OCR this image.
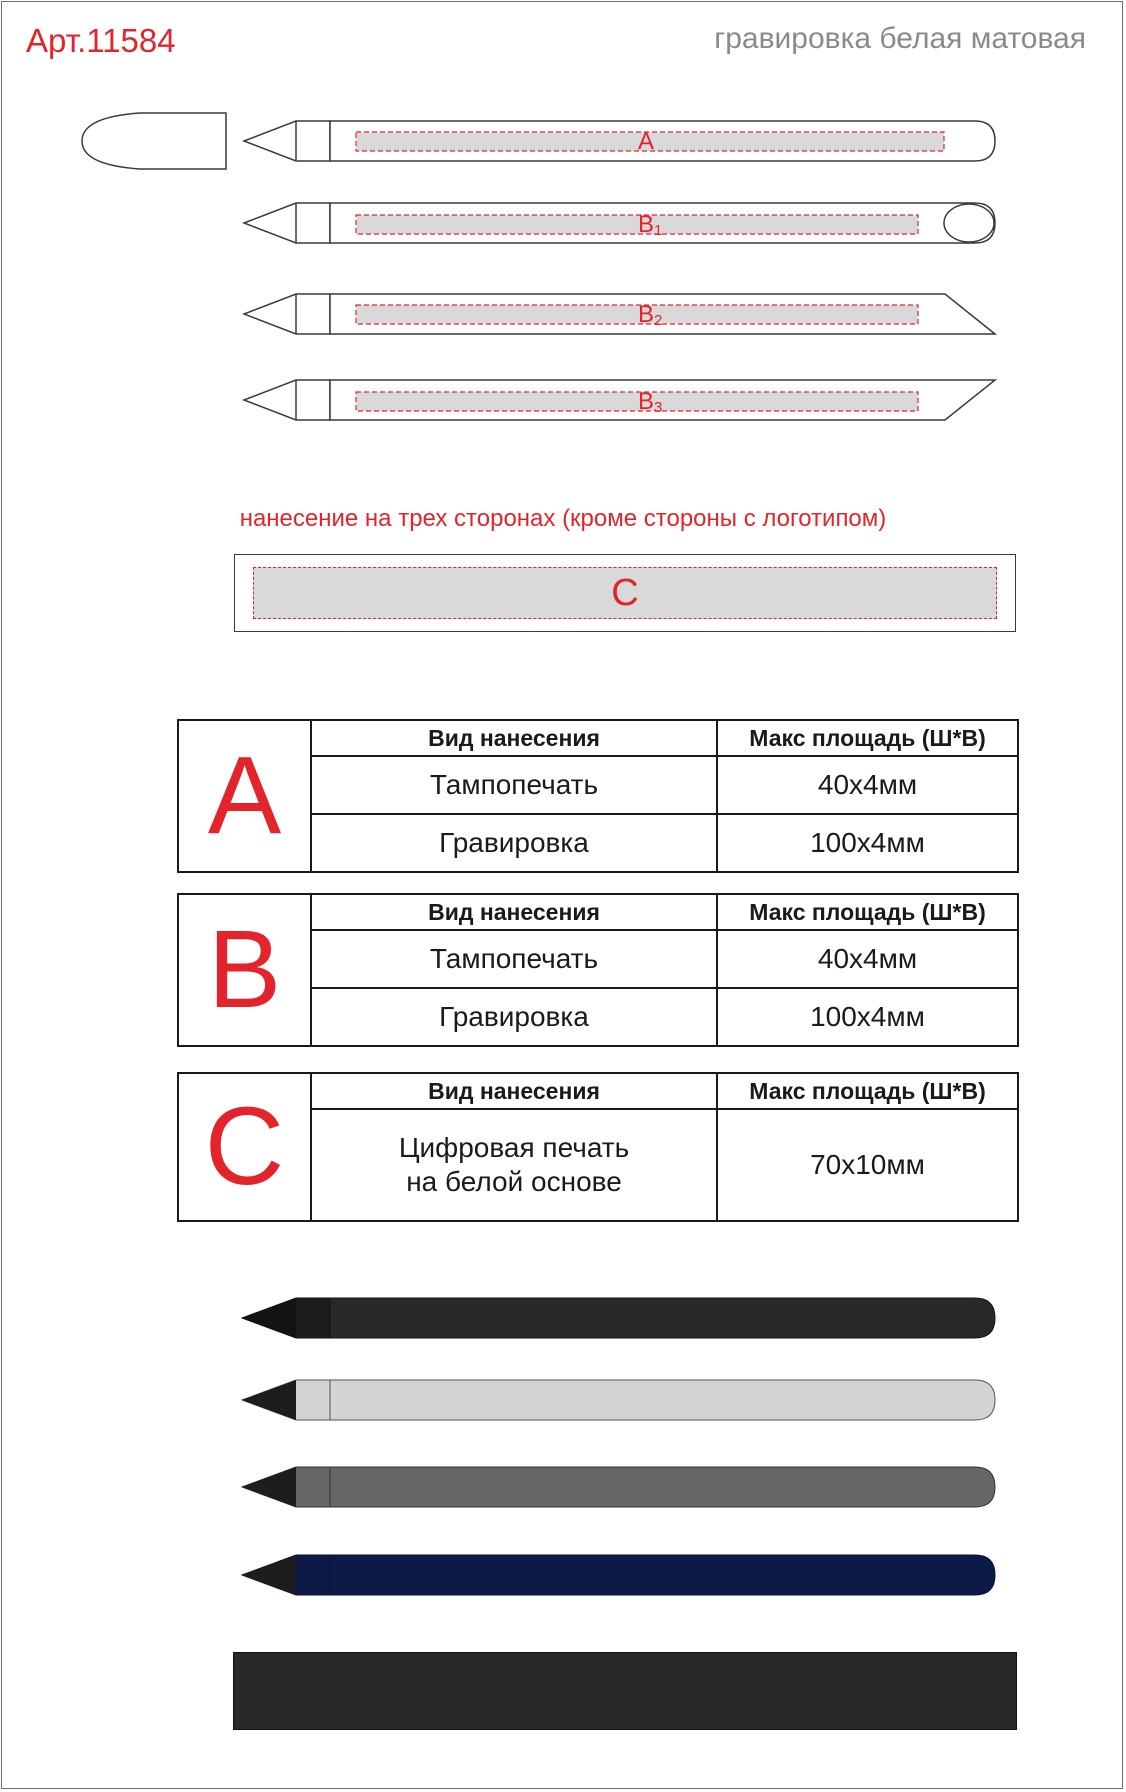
Арт.11584	гравировка белая матовая
A
$B_1$
$B_2$
$B_3$
нанесение на трех сторонах (кроме стороны с логотипом)
C
A	Вид нанесения	Макс площадь (Ш*В)
	Тампопечать	40x4мм
	Гравировка	100x4мм
B	Вид нанесения	Макс площадь (Ш*В)
	Тампопечать	40x4мм
	Гравировка	100x4мм
C	Вид нанесения	Макс площадь (Ш*В)

	Цифровая печать
на белой основе	70x10мм
